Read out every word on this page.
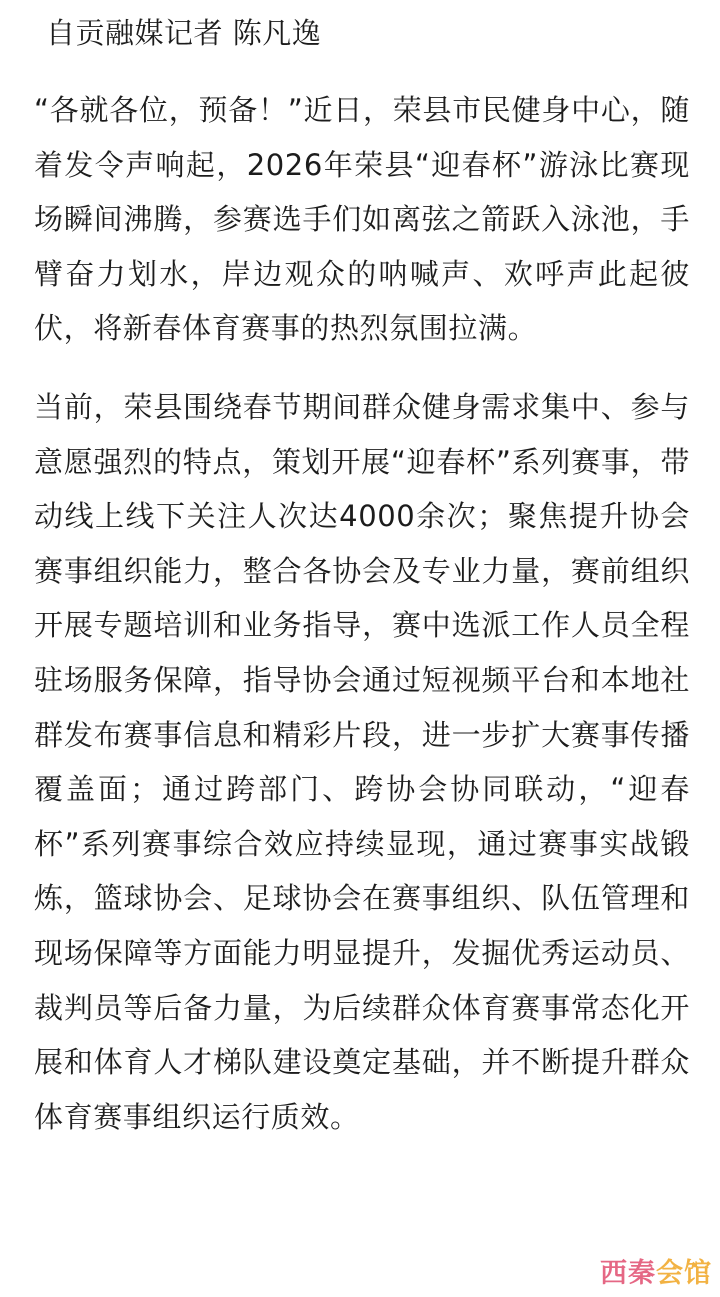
自贡融媒记者 陈凡逸

“各就各位，预备！”近日，荣县市民健身中心，随着发令声响起，2026年荣县“迎春杯”游泳比赛现场瞬间沸腾，参赛选手们如离弦之箭跃入泳池，手臂奋力划水，岸边观众的呐喊声、欢呼声此起彼伏，将新春体育赛事的热烈氛围拉满。

当前，荣县围绕春节期间群众健身需求集中、参与意愿强烈的特点，策划开展“迎春杯”系列赛事，带动线上线下关注人次达4000余次；聚焦提升协会赛事组织能力，整合各协会及专业力量，赛前组织开展专题培训和业务指导，赛中选派工作人员全程驻场服务保障，指导协会通过短视频平台和本地社群发布赛事信息和精彩片段，进一步扩大赛事传播覆盖面；通过跨部门、跨协会协同联动，“迎春杯”系列赛事综合效应持续显现，通过赛事实战锻炼，篮球协会、足球协会在赛事组织、队伍管理和现场保障等方面能力明显提升，发掘优秀运动员、裁判员等后备力量，为后续群众体育赛事常态化开展和体育人才梯队建设奠定基础，并不断提升群众体育赛事组织运行质效。

西秦会馆
